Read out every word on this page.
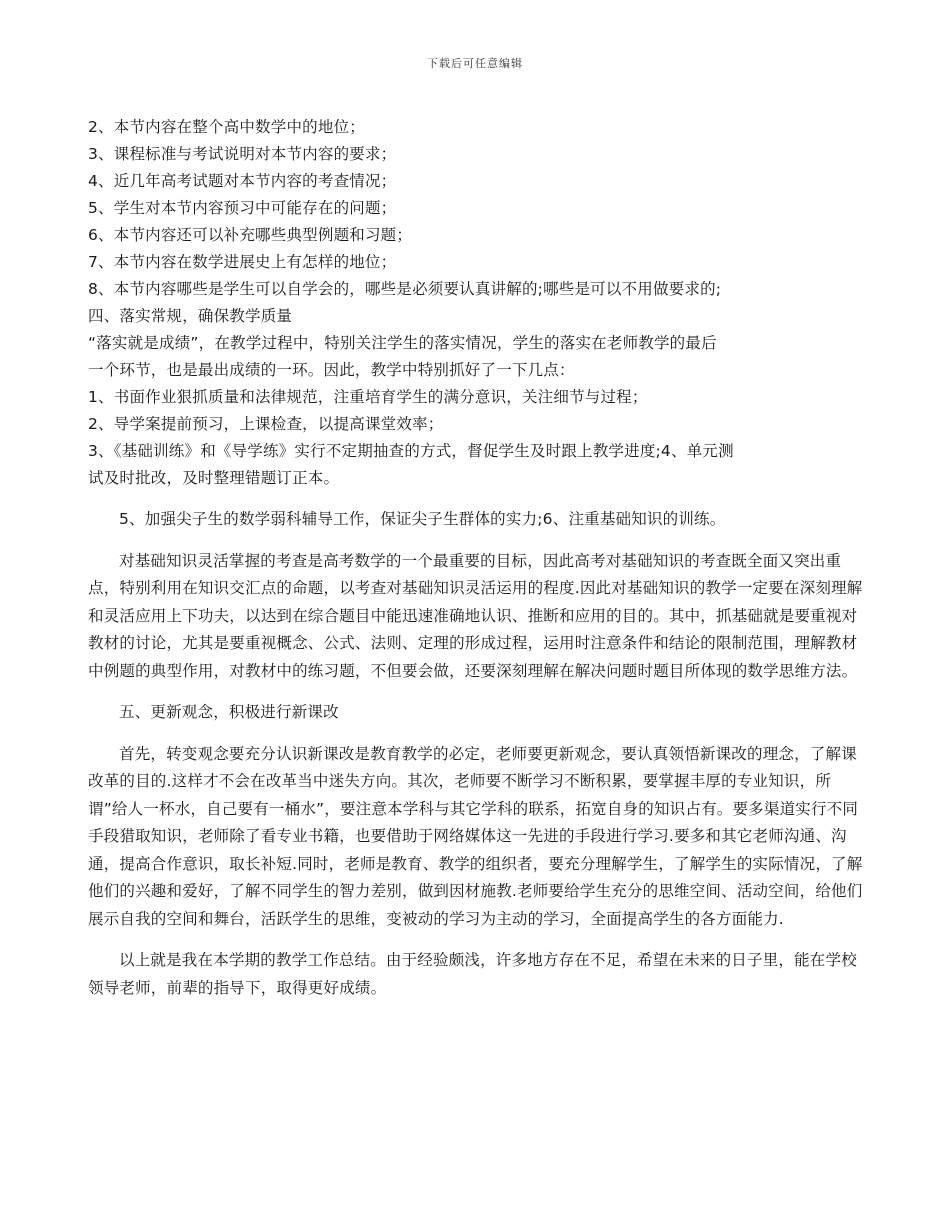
下载后可任意编辑
2、本节内容在整个高中数学中的地位；
3、课程标准与考试说明对本节内容的要求；
4、近几年高考试题对本节内容的考查情况；
5、学生对本节内容预习中可能存在的问题；
6、本节内容还可以补充哪些典型例题和习题；
7、本节内容在数学进展史上有怎样的地位；
8、本节内容哪些是学生可以自学会的，哪些是必须要认真讲解的;哪些是可以不用做要求的;
四、落实常规，确保教学质量
“落实就是成绩”，在教学过程中，特别关注学生的落实情况，学生的落实在老师教学的最后
一个环节，也是最出成绩的一环。因此，教学中特别抓好了一下几点：
1、书面作业狠抓质量和法律规范，注重培育学生的满分意识，关注细节与过程；
2、导学案提前预习，上课检查，以提高课堂效率；
3、《基础训练》和《导学练》实行不定期抽查的方式，督促学生及时跟上教学进度;4、单元测
试及时批改，及时整理错题订正本。

5、加强尖子生的数学弱科辅导工作，保证尖子生群体的实力;6、注重基础知识的训练。

对基础知识灵活掌握的考查是高考数学的一个最重要的目标，因此高考对基础知识的考查既全面又突出重点，特别利用在知识交汇点的命题，以考查对基础知识灵活运用的程度.因此对基础知识的教学一定要在深刻理解和灵活应用上下功夫，以达到在综合题目中能迅速准确地认识、推断和应用的目的。其中，抓基础就是要重视对教材的讨论，尤其是要重视概念、公式、法则、定理的形成过程，运用时注意条件和结论的限制范围，理解教材中例题的典型作用，对教材中的练习题，不但要会做，还要深刻理解在解决问题时题目所体现的数学思维方法。

五、更新观念，积极进行新课改

首先，转变观念要充分认识新课改是教育教学的必定，老师要更新观念，要认真领悟新课改的理念，了解课改革的目的.这样才不会在改革当中迷失方向。其次，老师要不断学习不断积累，要掌握丰厚的专业知识，所谓”给人一杯水，自己要有一桶水”，要注意本学科与其它学科的联系，拓宽自身的知识占有。要多渠道实行不同手段猎取知识，老师除了看专业书籍，也要借助于网络媒体这一先进的手段进行学习.要多和其它老师沟通、沟通，提高合作意识，取长补短.同时，老师是教育、教学的组织者，要充分理解学生，了解学生的实际情况，了解他们的兴趣和爱好，了解不同学生的智力差别，做到因材施教.老师要给学生充分的思维空间、活动空间，给他们展示自我的空间和舞台，活跃学生的思维，变被动的学习为主动的学习，全面提高学生的各方面能力.

以上就是我在本学期的教学工作总结。由于经验颇浅，许多地方存在不足，希望在未来的日子里，能在学校领导老师，前辈的指导下，取得更好成绩。
